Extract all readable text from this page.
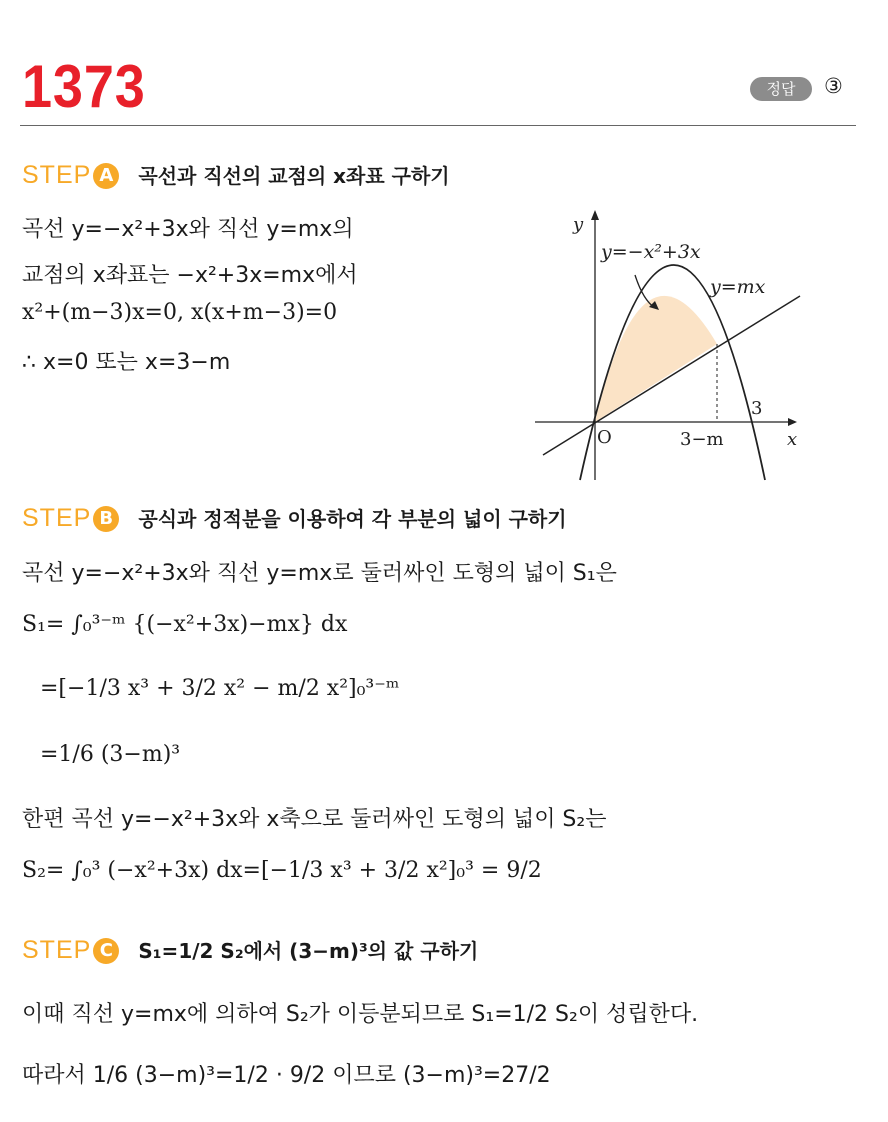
1373	정답	③
STEP A 곡선과 직선의 교점의 x좌표 구하기
곡선 y=−x²+3x와 직선 y=mx의
교점의 x좌표는 −x²+3x=mx에서
x²+(m−3)x=0, x(x+m−3)=0
∴ x=0 또는 x=3−m
y=−x²+3x
y=mx
y
x
O
3
3−m
STEP B 공식과 정적분을 이용하여 각 부분의 넓이 구하기
곡선 y=−x²+3x와 직선 y=mx로 둘러싸인 도형의 넓이 S₁은
S₁= ∫₀³⁻ᵐ {(−x²+3x)−mx} dx
=[−1/3 x³ + 3/2 x² − m/2 x²]₀³⁻ᵐ
=1/6 (3−m)³
한편 곡선 y=−x²+3x와 x축으로 둘러싸인 도형의 넓이 S₂는
S₂= ∫₀³ (−x²+3x) dx=[−1/3 x³ + 3/2 x²]₀³ = 9/2
STEP C S₁=1/2 S₂에서 (3−m)³의 값 구하기
이때 직선 y=mx에 의하여 S₂가 이등분되므로 S₁=1/2 S₂이 성립한다.
따라서 1/6 (3−m)³=1/2 · 9/2 이므로 (3−m)³=27/2
